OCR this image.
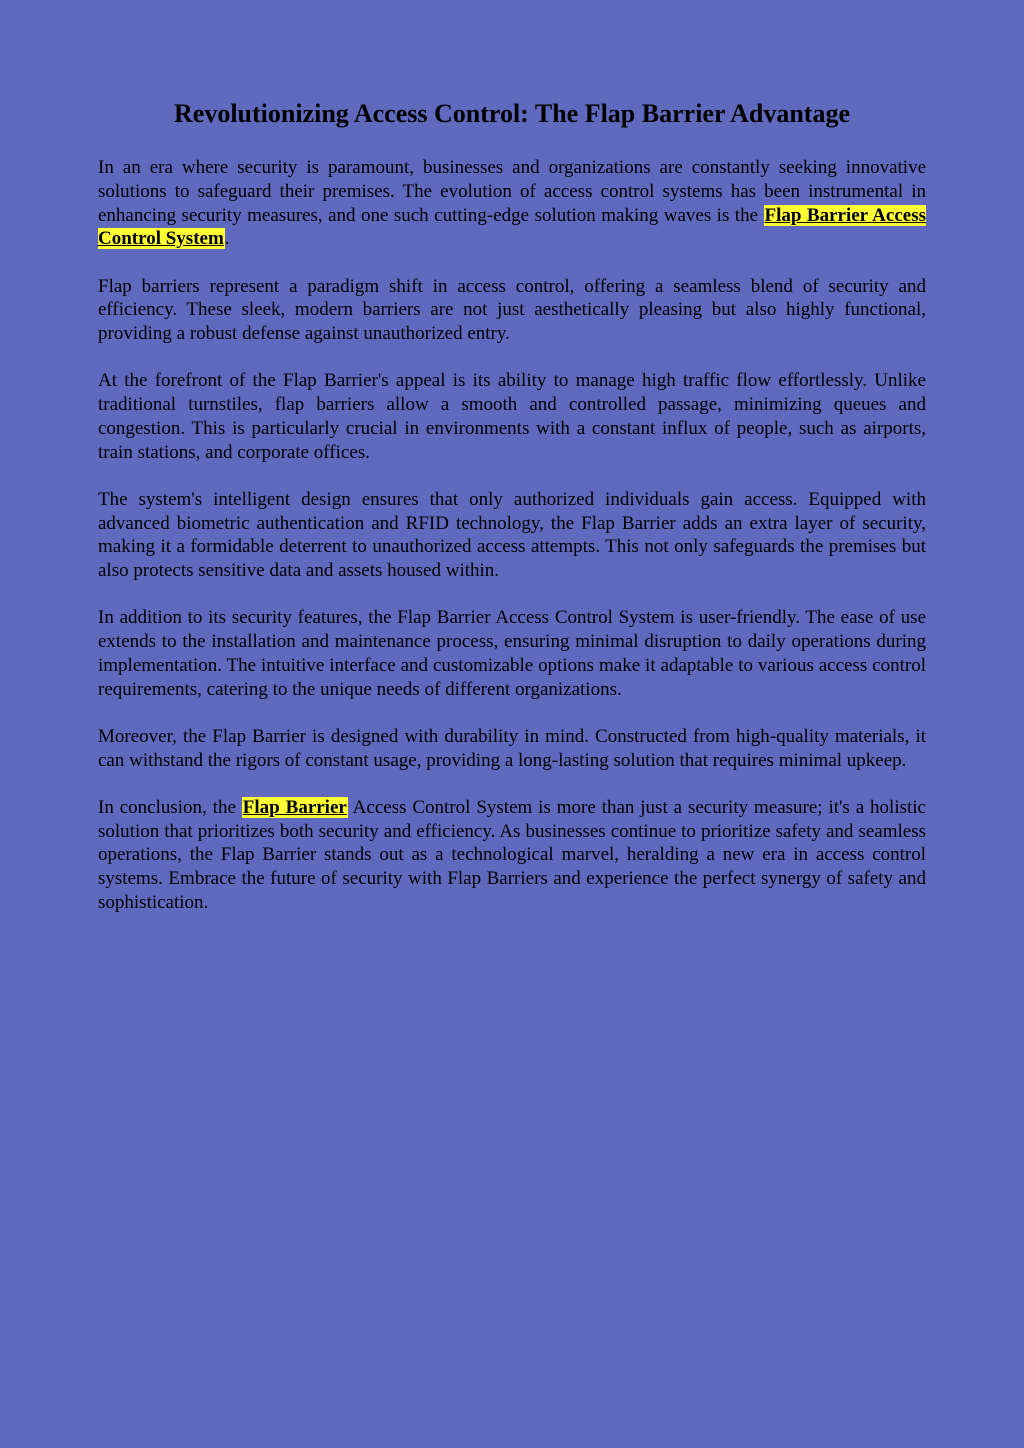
Revolutionizing Access Control: The Flap Barrier Advantage

In an era where security is paramount, businesses and organizations are constantly seeking innovative solutions to safeguard their premises. The evolution of access control systems has been instrumental in enhancing security measures, and one such cutting-edge solution making waves is the Flap Barrier Access Control System.

Flap barriers represent a paradigm shift in access control, offering a seamless blend of security and efficiency. These sleek, modern barriers are not just aesthetically pleasing but also highly functional, providing a robust defense against unauthorized entry.

At the forefront of the Flap Barrier's appeal is its ability to manage high traffic flow effortlessly. Unlike traditional turnstiles, flap barriers allow a smooth and controlled passage, minimizing queues and congestion. This is particularly crucial in environments with a constant influx of people, such as airports, train stations, and corporate offices.

The system's intelligent design ensures that only authorized individuals gain access. Equipped with advanced biometric authentication and RFID technology, the Flap Barrier adds an extra layer of security, making it a formidable deterrent to unauthorized access attempts. This not only safeguards the premises but also protects sensitive data and assets housed within.

In addition to its security features, the Flap Barrier Access Control System is user-friendly. The ease of use extends to the installation and maintenance process, ensuring minimal disruption to daily operations during implementation. The intuitive interface and customizable options make it adaptable to various access control requirements, catering to the unique needs of different organizations.

Moreover, the Flap Barrier is designed with durability in mind. Constructed from high-quality materials, it can withstand the rigors of constant usage, providing a long-lasting solution that requires minimal upkeep.

In conclusion, the Flap Barrier Access Control System is more than just a security measure; it's a holistic solution that prioritizes both security and efficiency. As businesses continue to prioritize safety and seamless operations, the Flap Barrier stands out as a technological marvel, heralding a new era in access control systems. Embrace the future of security with Flap Barriers and experience the perfect synergy of safety and sophistication.
